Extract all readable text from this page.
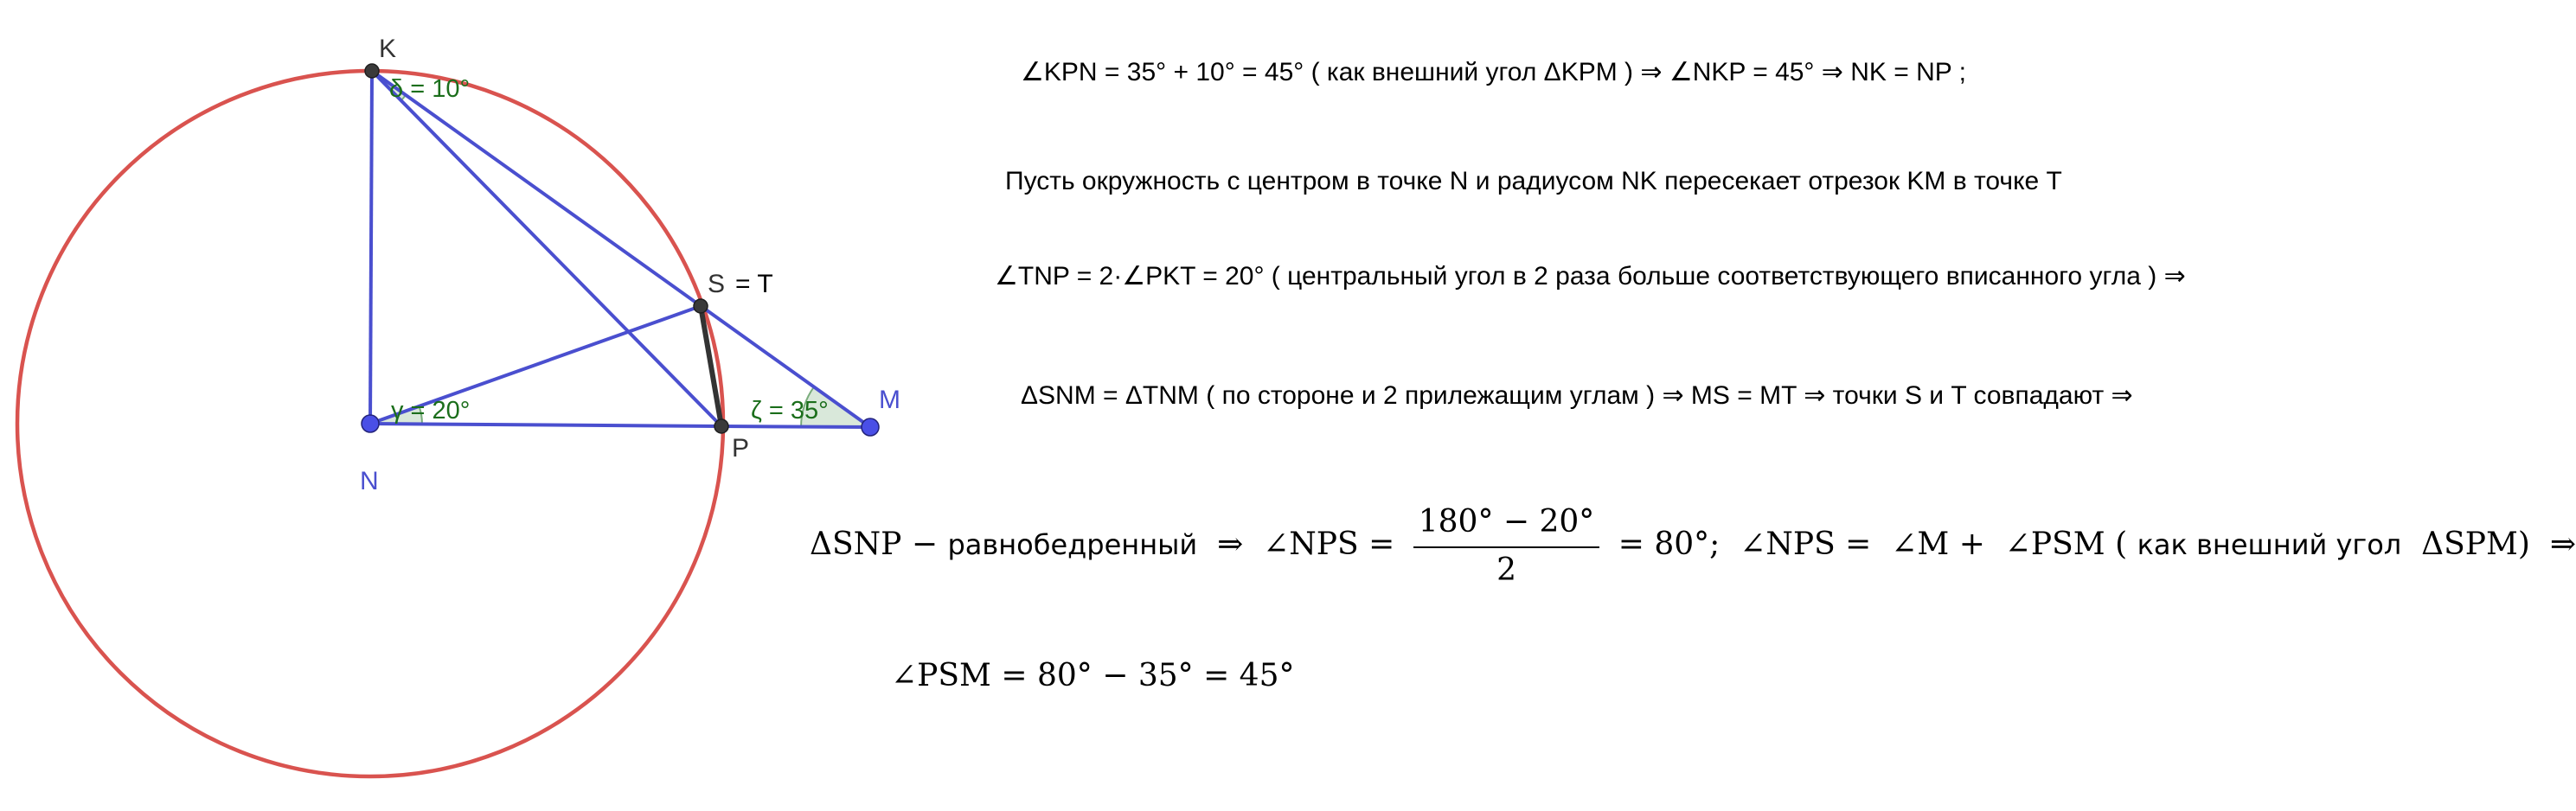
K
S = T
M
N
P
δ = 10°
γ = 20°	ζ = 35°
∠KPN = 35° + 10° = 45° ( как внешний угол ΔKPM ) ⇒ ∠NKP = 45° ⇒ NK = NP ;
Пусть окружность с центром в точке N и радиусом NK пересекает отрезок KM в точке T
∠TNP = 2·∠PKT = 20° ( центральный угол в 2 раза больше соответствующего вписанного угла ) ⇒
ΔSNM = ΔTNM ( по стороне и 2 прилежащим углам ) ⇒ MS = MT ⇒ точки S и T совпадают ⇒
ΔSNP − равнобедренный  ⇒  ∠NPS = $\frac{180^\circ - 20^\circ}{2} = 80^\circ$;  ∠NPS =  ∠M +  ∠PSM ( как внешний угол  ΔSPM)  ⇒
∠PSM = 80° − 35° = 45°
